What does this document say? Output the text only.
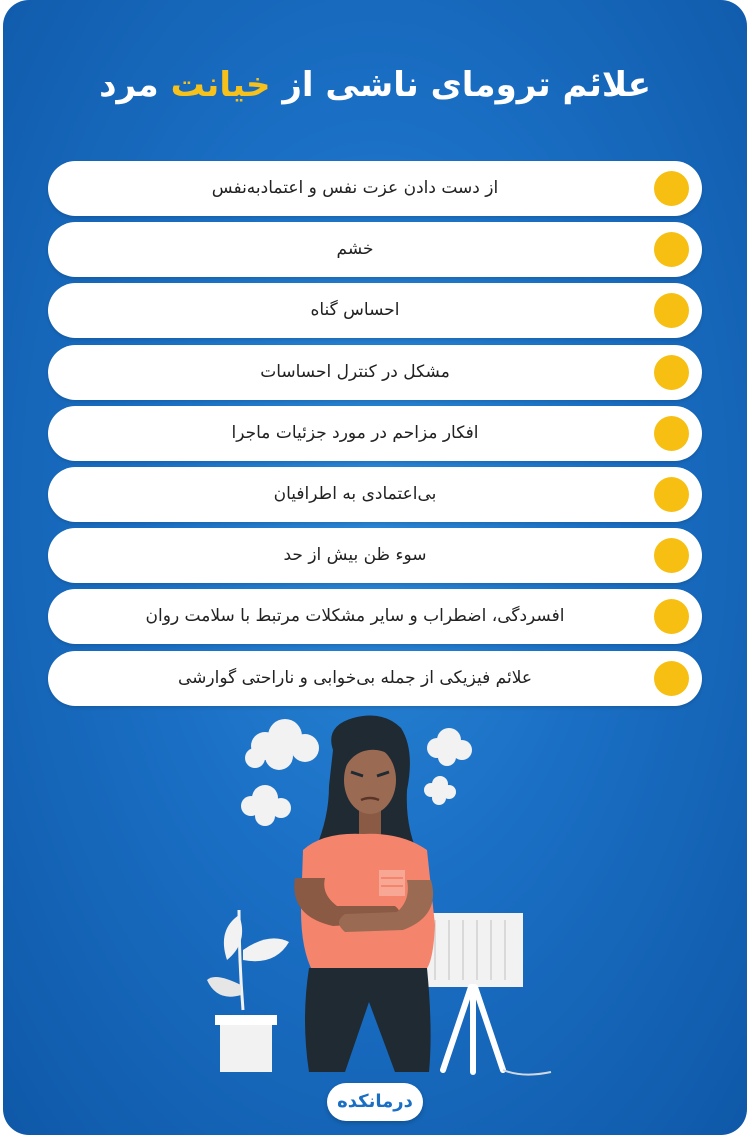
علائم ترومای ناشی از خیانت مرد
از دست دادن عزت نفس و اعتمادبه‌نفس
خشم
احساس گناه
مشکل در کنترل احساسات
افکار مزاحم در مورد جزئیات ماجرا
بی‌اعتمادی به اطرافیان
سوء ظن بیش از حد
افسردگی، اضطراب و سایر مشکلات مرتبط با سلامت روان
علائم فیزیکی از جمله بی‌خوابی و ناراحتی گوارشی
درمانکده
